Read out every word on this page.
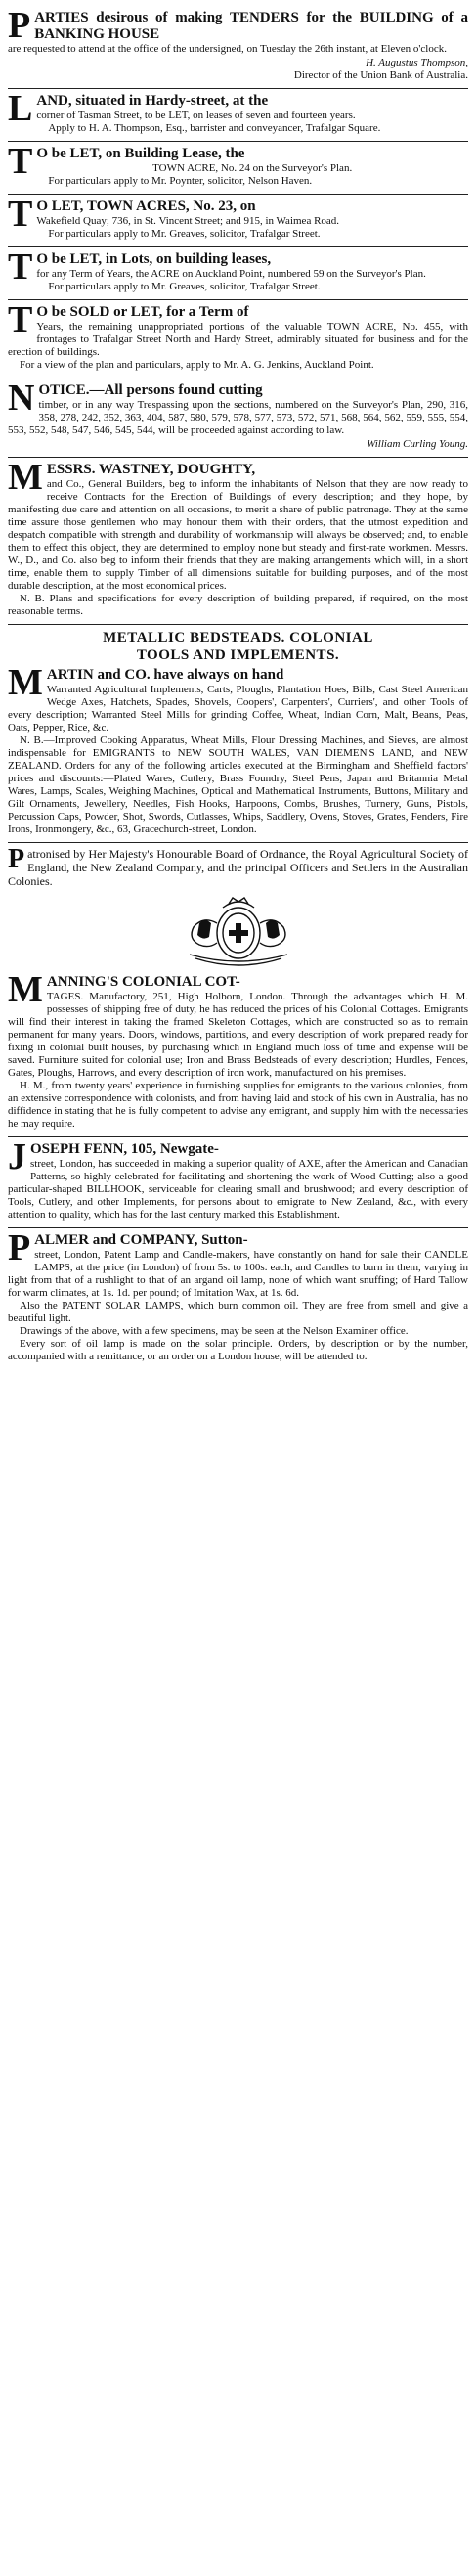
PARTIES desirous of making TENDERS for the BUILDING of a BANKING HOUSE

are requested to attend at the office of the undersigned, on Tuesday the 26th instant, at Eleven o'clock.

H. Augustus Thompson,
Director of the Union Bank of Australia.
LAND, situated in Hardy-street, at the

corner of Tasman Street, to be LET, on leases of seven and fourteen years.

Apply to H. A. Thompson, Esq., barrister and conveyancer, Trafalgar Square.

T O be LET, on Building Lease, the

TOWN ACRE, No. 24 on the Surveyor's Plan.

For particulars apply to Mr. Poynter, solicitor, Nelson Haven.

T O LET, TOWN ACRES, No. 23, on

Wakefield Quay; 736, in St. Vincent Street; and 915, in Waimea Road.

For particulars apply to Mr. Greaves, solicitor, Trafalgar Street.

T O be LET, in Lots, on building leases,

for any Term of Years, the ACRE on Auckland Point, numbered 59 on the Surveyor's Plan.

For particulars apply to Mr. Greaves, solicitor, Trafalgar Street.

T O be SOLD or LET, for a Term of

Years, the remaining unappropriated portions of the valuable TOWN ACRE, No. 455, with frontages to Trafalgar Street North and Hardy Street, admirably situated for business and for the erection of buildings.

For a view of the plan and particulars, apply to Mr. A. G. Jenkins, Auckland Point.

NOTICE.—All persons found cutting

timber, or in any way Trespassing upon the sections, numbered on the Surveyor's Plan, 290, 316, 358, 278, 242, 352, 363, 404, 587, 580, 579, 578, 577, 573, 572, 571, 568, 564, 562, 559, 555, 554, 553, 552, 548, 547, 546, 545, 544, will be proceeded against according to law.

William Curling Young.
MESSRS. WASTNEY, DOUGHTY,

and Co., General Builders, beg to inform the inhabitants of Nelson that they are now ready to receive Contracts for the Erection of Buildings of every description; and they hope, by manifesting due care and attention on all occasions, to merit a share of public patronage. They at the same time assure those gentlemen who may honour them with their orders, that the utmost expedition and despatch compatible with strength and durability of workmanship will always be observed; and, to enable them to effect this object, they are determined to employ none but steady and first-rate workmen. Messrs. W., D., and Co. also beg to inform their friends that they are making arrangements which will, in a short time, enable them to supply Timber of all dimensions suitable for building purposes, and of the most durable description, at the most economical prices.

N. B. Plans and specifications for every description of building prepared, if required, on the most reasonable terms.

METALLIC BEDSTEADS. COLONIAL
TOOLS AND IMPLEMENTS.
MARTIN and CO. have always on hand

Warranted Agricultural Implements, Carts, Ploughs, Plantation Hoes, Bills, Cast Steel American Wedge Axes, Hatchets, Spades, Shovels, Coopers', Carpenters', Curriers', and other Tools of every description; Warranted Steel Mills for grinding Coffee, Wheat, Indian Corn, Malt, Beans, Peas, Oats, Pepper, Rice, &c.

N. B.—Improved Cooking Apparatus, Wheat Mills, Flour Dressing Machines, and Sieves, are almost indispensable for EMIGRANTS to NEW SOUTH WALES, VAN DIEMEN'S LAND, and NEW ZEALAND. Orders for any of the following articles executed at the Birmingham and Sheffield factors' prices and discounts:—Plated Wares, Cutlery, Brass Foundry, Steel Pens, Japan and Britannia Metal Wares, Lamps, Scales, Weighing Machines, Optical and Mathematical Instruments, Buttons, Military and Gilt Ornaments, Jewellery, Needles, Fish Hooks, Harpoons, Combs, Brushes, Turnery, Guns, Pistols, Percussion Caps, Powder, Shot, Swords, Cutlasses, Whips, Saddlery, Ovens, Stoves, Grates, Fenders, Fire Irons, Ironmongery, &c., 63, Gracechurch-street, London.

Patronised by Her Majesty's Honourable Board of Ordnance, the Royal Agricultural Society of England, the New Zealand Company, and the principal Officers and Settlers in the Australian Colonies.

MANNING'S COLONIAL COT-

TAGES. Manufactory, 251, High Holborn, London. Through the advantages which H. M. possesses of shipping free of duty, he has reduced the prices of his Colonial Cottages. Emigrants will find their interest in taking the framed Skeleton Cottages, which are constructed so as to remain permanent for many years. Doors, windows, partitions, and every description of work prepared ready for fixing in colonial built houses, by purchasing which in England much loss of time and expense will be saved. Furniture suited for colonial use; Iron and Brass Bedsteads of every description; Hurdles, Fences, Gates, Ploughs, Harrows, and every description of iron work, manufactured on his premises.

H. M., from twenty years' experience in furnishing supplies for emigrants to the various colonies, from an extensive correspondence with colonists, and from having laid and stock of his own in Australia, has no diffidence in stating that he is fully competent to advise any emigrant, and supply him with the necessaries he may require.

JOSEPH FENN, 105, Newgate-

street, London, has succeeded in making a superior quality of AXE, after the American and Canadian Patterns, so highly celebrated for facilitating and shortening the work of Wood Cutting; also a good particular-shaped BILLHOOK, serviceable for clearing small and brushwood; and every description of Tools, Cutlery, and other Implements, for persons about to emigrate to New Zealand, &c., with every attention to quality, which has for the last century marked this Establishment.

PALMER and COMPANY, Sutton-

street, London, Patent Lamp and Candle-makers, have constantly on hand for sale their CANDLE LAMPS, at the price (in London) of from 5s. to 100s. each, and Candles to burn in them, varying in light from that of a rushlight to that of an argand oil lamp, none of which want snuffing; of Hard Tallow for warm climates, at 1s. 1d. per pound; of Imitation Wax, at 1s. 6d.

Also the PATENT SOLAR LAMPS, which burn common oil. They are free from smell and give a beautiful light.

Drawings of the above, with a few specimens, may be seen at the Nelson Examiner office.

Every sort of oil lamp is made on the solar principle. Orders, by description or by the number, accompanied with a remittance, or an order on a London house, will be attended to.
